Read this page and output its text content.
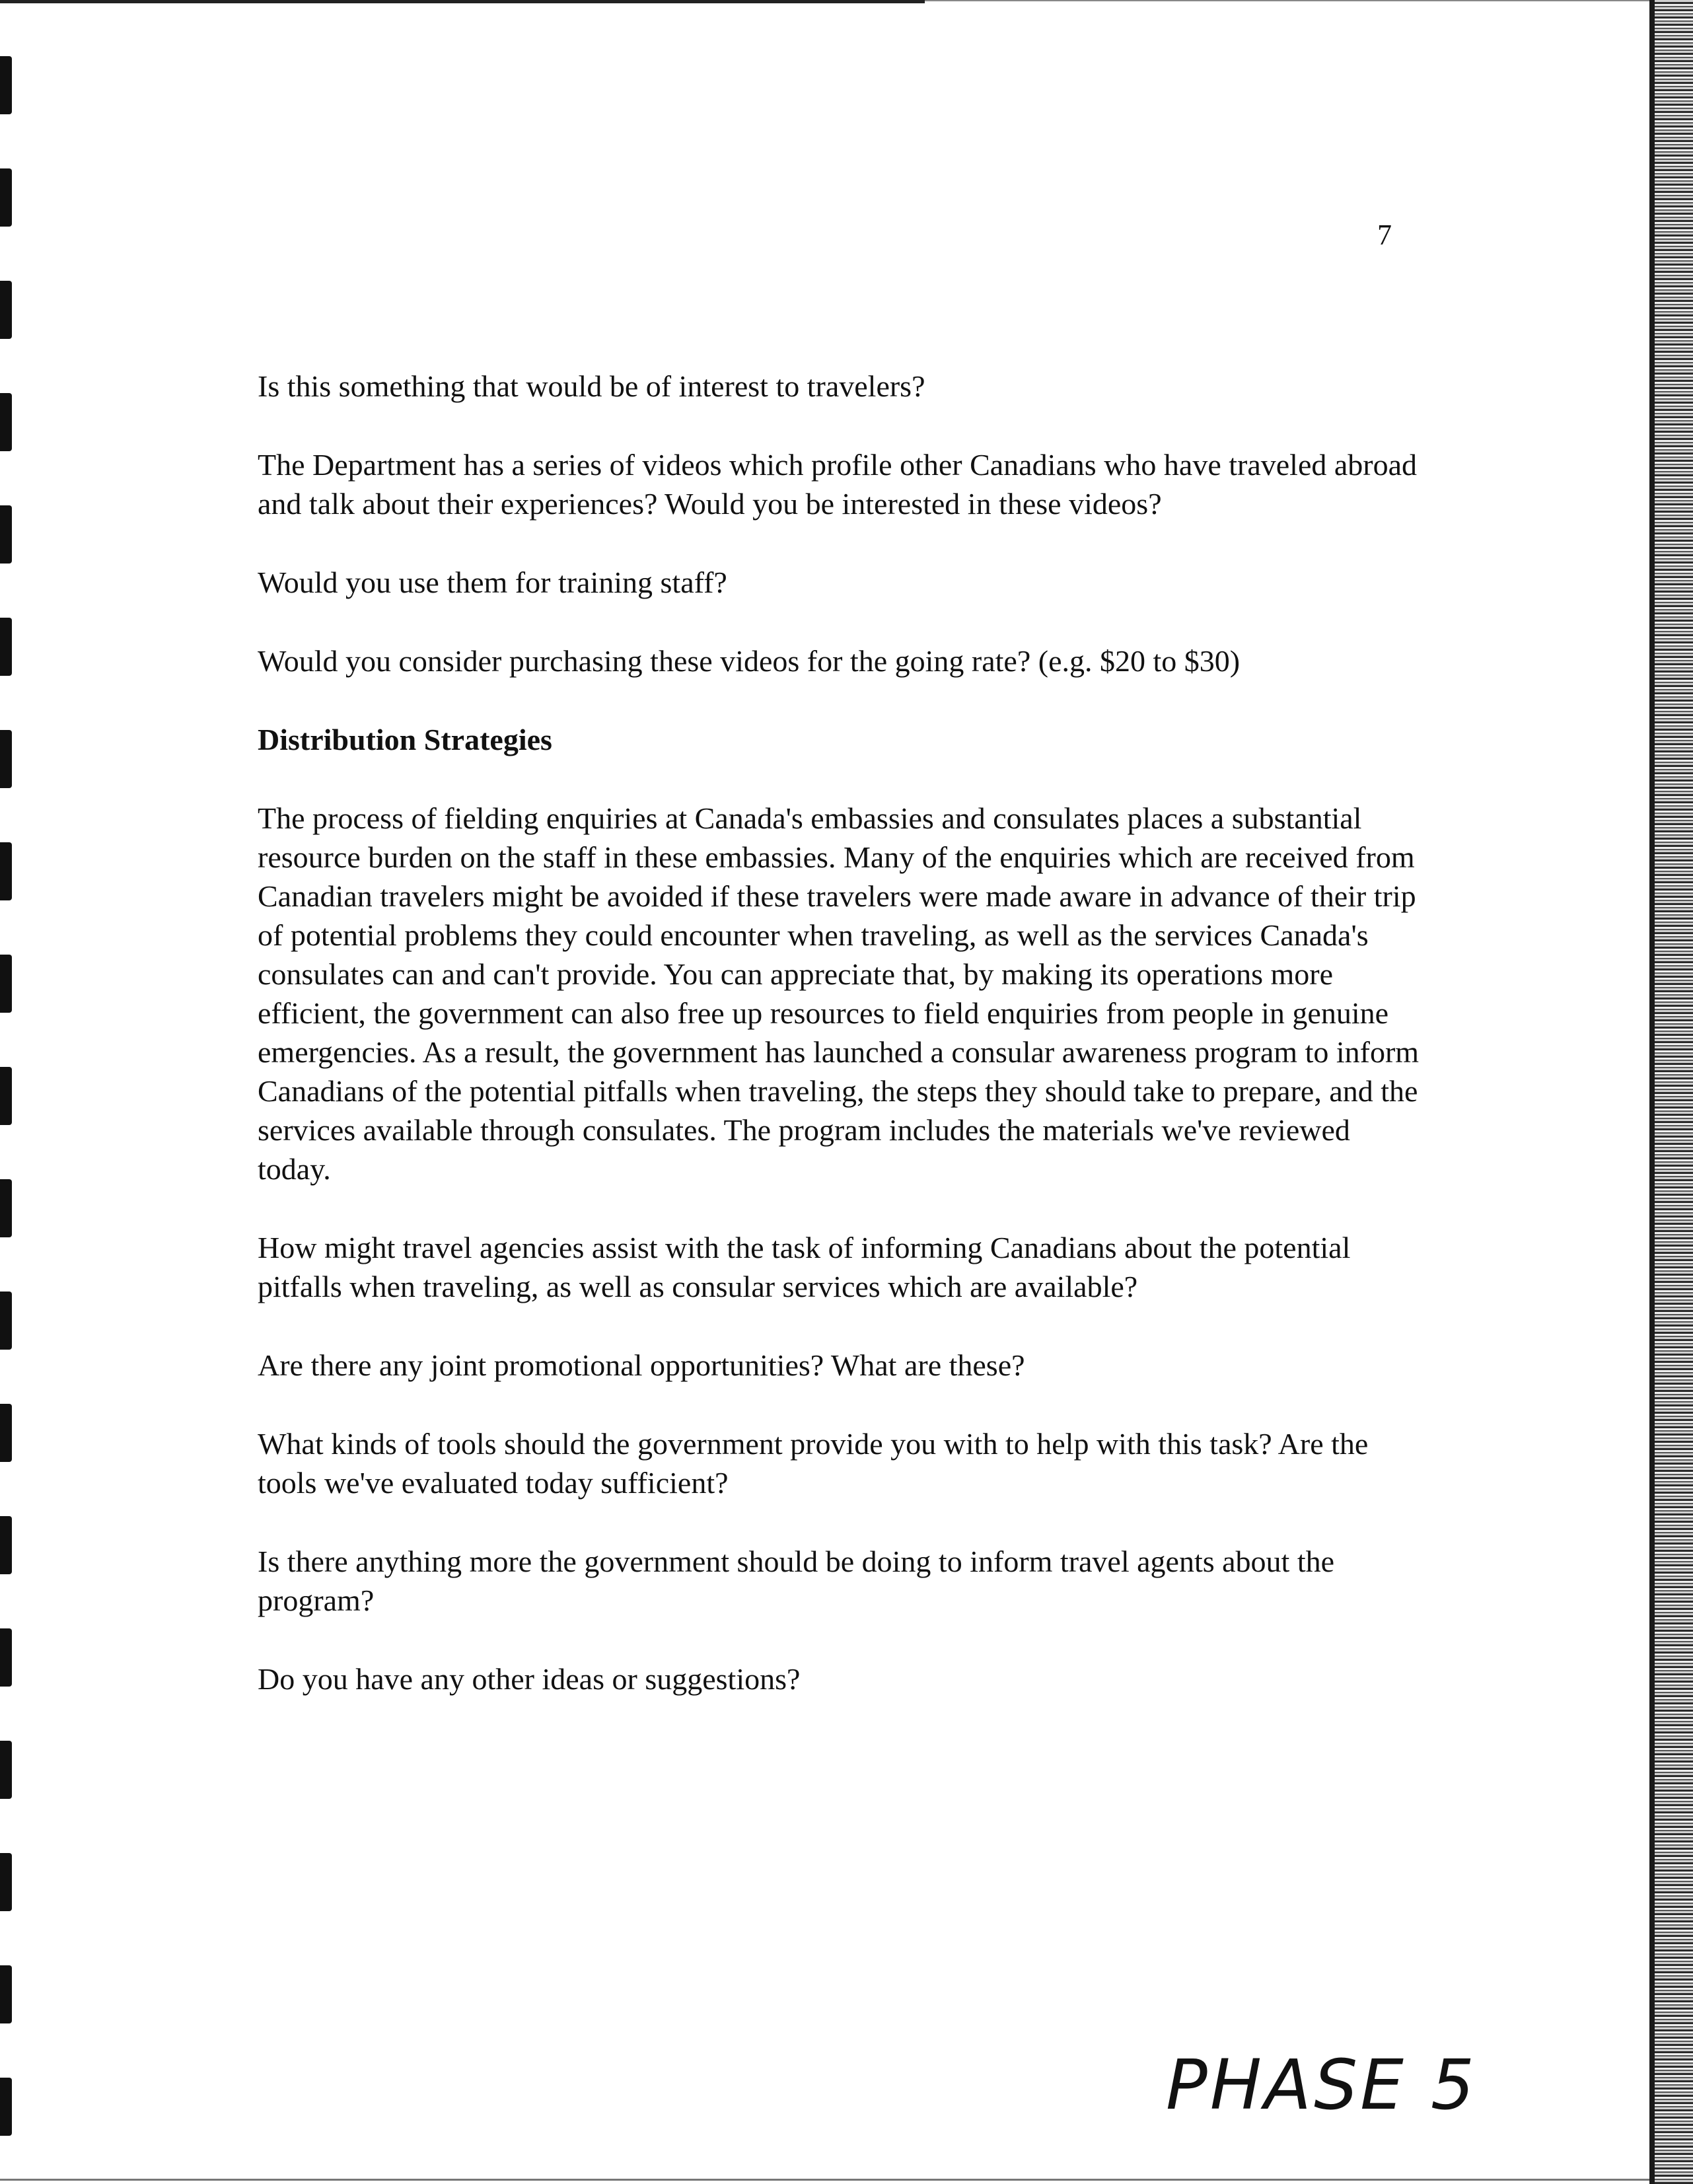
7

Is this something that would be of interest to travelers?

The Department has a series of videos which profile other Canadians who have traveled abroad and talk about their experiences? Would you be interested in these videos?

Would you use them for training staff?

Would you consider purchasing these videos for the going rate? (e.g. $20 to $30)

Distribution Strategies

The process of fielding enquiries at Canada's embassies and consulates places a substantial resource burden on the staff in these embassies. Many of the enquiries which are received from Canadian travelers might be avoided if these travelers were made aware in advance of their trip of potential problems they could encounter when traveling, as well as the services Canada's consulates can and can't provide. You can appreciate that, by making its operations more efficient, the government can also free up resources to field enquiries from people in genuine emergencies. As a result, the government has launched a consular awareness program to inform Canadians of the potential pitfalls when traveling, the steps they should take to prepare, and the services available through consulates. The program includes the materials we've reviewed today.

How might travel agencies assist with the task of informing Canadians about the potential pitfalls when traveling, as well as consular services which are available?

Are there any joint promotional opportunities? What are these?

What kinds of tools should the government provide you with to help with this task? Are the tools we've evaluated today sufficient?

Is there anything more the government should be doing to inform travel agents about the program?

Do you have any other ideas or suggestions?

PHASE 5
